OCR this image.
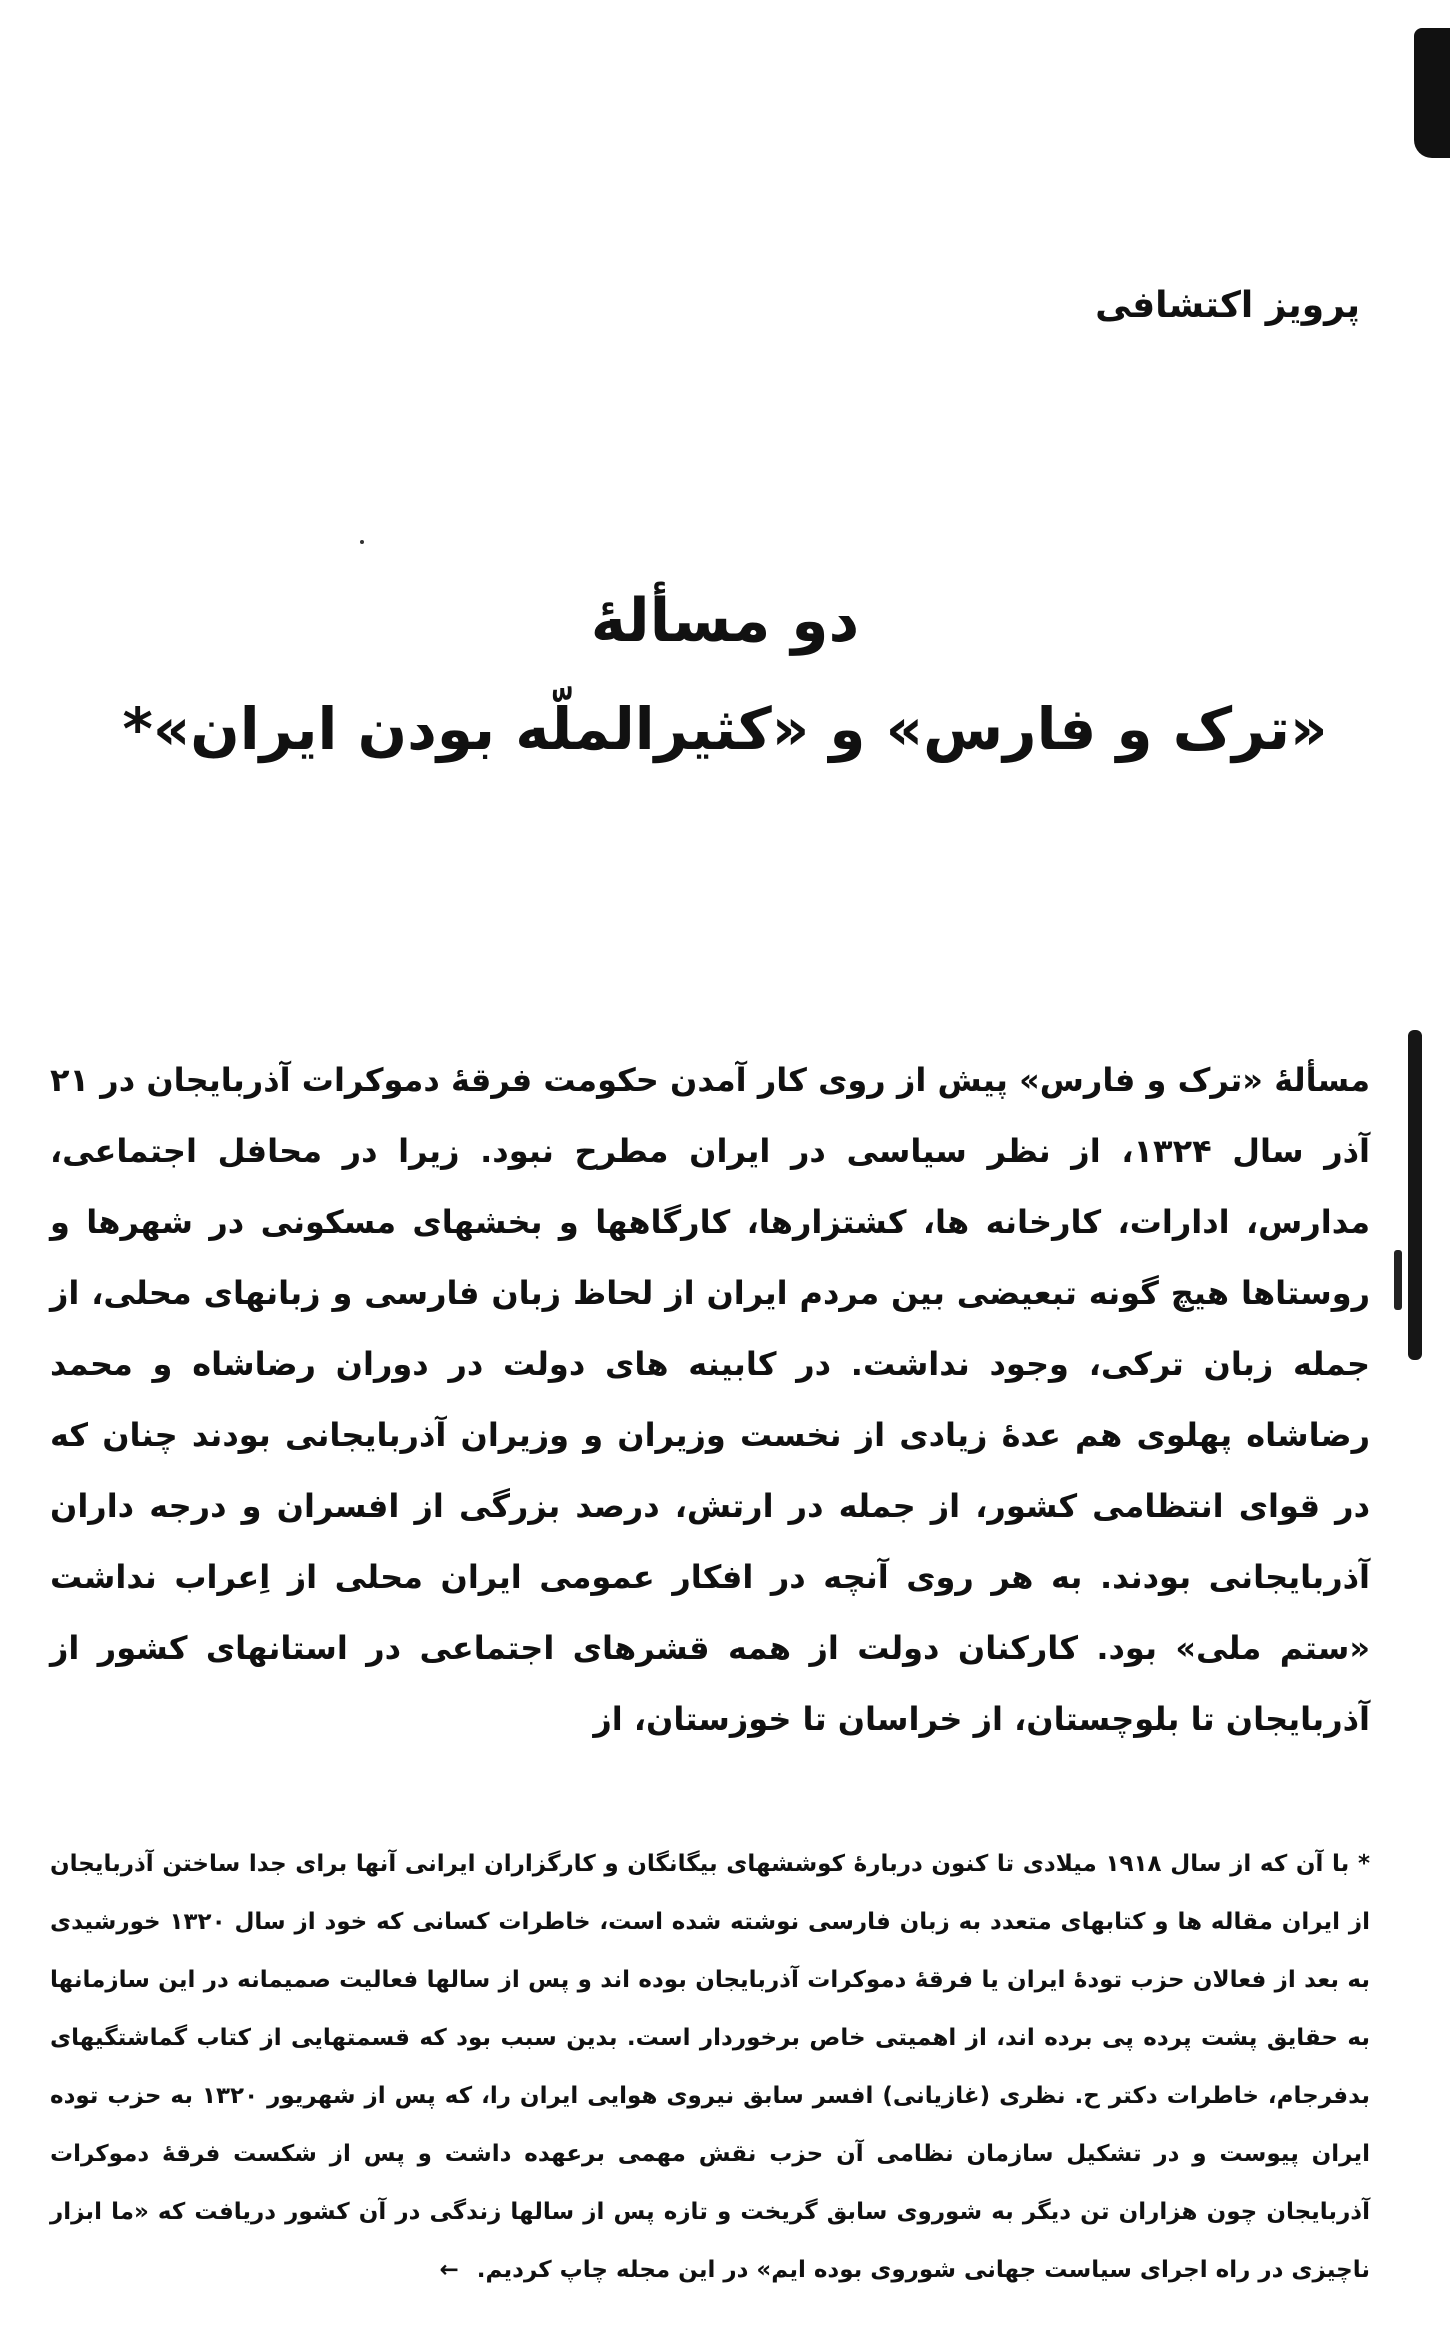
پرویز اکتشافی

دو مسألهٔ

«ترک و فارس» و «کثیرالملّه بودن ایران»*

مسألهٔ «ترک و فارس» پیش از روی کار آمدن حکومت فرقهٔ دموکرات آذربایجان در ۲۱ آذر سال ۱۳۲۴، از نظر سیاسی در ایران مطرح نبود. زیرا در محافل اجتماعی، مدارس، ادارات، کارخانه ها، کشتزارها، کارگاهها و بخشهای مسکونی در شهرها و روستاها هیچ گونه تبعیضی بین مردم ایران از لحاظ زبان فارسی و زبانهای محلی، از جمله زبان ترکی، وجود نداشت. در کابینه های دولت در دوران رضاشاه و محمد رضاشاه پهلوی هم عدهٔ زیادی از نخست وزیران و وزیران آذربایجانی بودند چنان که در قوای انتظامی کشور، از جمله در ارتش، درصد بزرگی از افسران و درجه داران آذربایجانی بودند. به هر روی آنچه در افکار عمومی ایران محلی از اِعراب نداشت «ستم ملی» بود. کارکنان دولت از همه قشرهای اجتماعی در استانهای کشور از آذربایجان تا بلوچستان، از خراسان تا خوزستان، از

* با آن که از سال ۱۹۱۸ میلادی تا کنون دربارهٔ کوششهای بیگانگان و کارگزاران ایرانی آنها برای جدا ساختن آذربایجان از ایران مقاله ها و کتابهای متعدد به زبان فارسی نوشته شده است، خاطرات کسانی که خود از سال ۱۳۲۰ خورشیدی به بعد از فعالان حزب تودهٔ ایران یا فرقهٔ دموکرات آذربایجان بوده اند و پس از سالها فعالیت صمیمانه در این سازمانها به حقایق پشت پرده پی برده اند، از اهمیتی خاص برخوردار است. بدین سبب بود که قسمتهایی از کتاب گماشتگیهای بدفرجام، خاطرات دکتر ح. نظری (غازیانی) افسر سابق نیروی هوایی ایران را، که پس از شهریور ۱۳۲۰ به حزب توده ایران پیوست و در تشکیل سازمان نظامی آن حزب نقش مهمی برعهده داشت و پس از شکست فرقهٔ دموکرات آذربایجان چون هزاران تن دیگر به شوروی سابق گریخت و تازه پس از سالها زندگی در آن کشور دریافت که «ما ابزار ناچیزی در راه اجرای سیاست جهانی شوروی بوده ایم» در این مجله چاپ کردیم.←
